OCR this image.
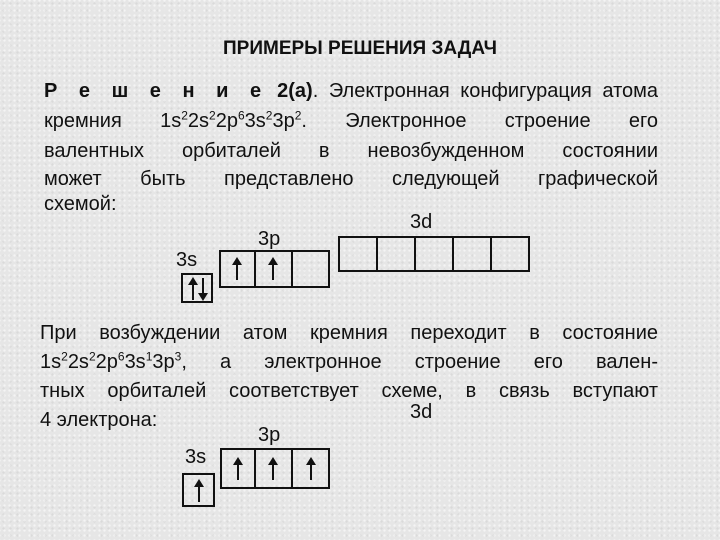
ПРИМЕРЫ РЕШЕНИЯ ЗАДАЧ
Р е ш е н и е 2(а). Электронная конфигурация атома
кремния $1s^22s^22p^63s^23p^2$. Электронное строение его
валентных орбиталей в невозбужденном состоянии
может быть представлено следующей графической
схемой:
3d
3p
3s
При возбуждении атом кремния переходит в состояние
$1s^22s^22p^63s^13p^3$, а электронное строение его вален-
тных орбиталей соответствует схеме, в связь вступают
4 электрона:	3d
3p
3s
